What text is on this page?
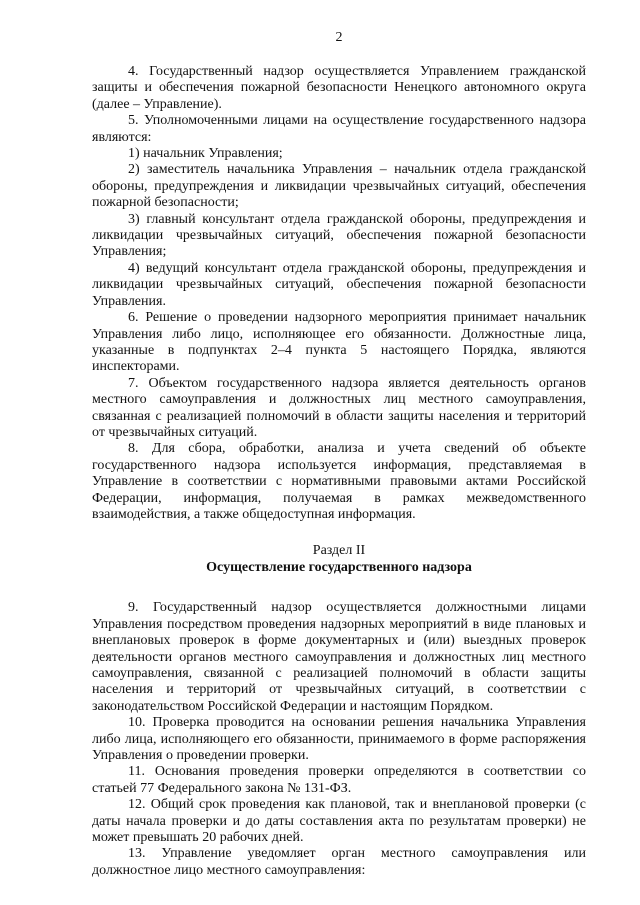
2

4. Государственный надзор осуществляется Управлением гражданской защиты и обеспечения пожарной безопасности Ненецкого автономного округа (далее – Управление).

5. Уполномоченными лицами на осуществление государственного надзора являются:

1) начальник Управления;

2) заместитель начальника Управления – начальник отдела гражданской обороны, предупреждения и ликвидации чрезвычайных ситуаций, обеспечения пожарной безопасности;

3) главный консультант отдела гражданской обороны, предупреждения и ликвидации чрезвычайных ситуаций, обеспечения пожарной безопасности Управления;

4) ведущий консультант отдела гражданской обороны, предупреждения и ликвидации чрезвычайных ситуаций, обеспечения пожарной безопасности Управления.

6. Решение о проведении надзорного мероприятия принимает начальник Управления либо лицо, исполняющее его обязанности. Должностные лица, указанные в подпунктах 2–4 пункта 5 настоящего Порядка, являются инспекторами.

7. Объектом государственного надзора является деятельность органов местного самоуправления и должностных лиц местного самоуправления, связанная с реализацией полномочий в области защиты населения и территорий от чрезвычайных ситуаций.

8. Для сбора, обработки, анализа и учета сведений об объекте государственного надзора используется информация, представляемая в Управление в соответствии с нормативными правовыми актами Российской Федерации, информация, получаемая в рамках межведомственного взаимодействия, а также общедоступная информация.

Раздел II
Осуществление государственного надзора

9. Государственный надзор осуществляется должностными лицами Управления посредством проведения надзорных мероприятий в виде плановых и внеплановых проверок в форме документарных и (или) выездных проверок деятельности органов местного самоуправления и должностных лиц местного самоуправления, связанной с реализацией полномочий в области защиты населения и территорий от чрезвычайных ситуаций, в соответствии с законодательством Российской Федерации и настоящим Порядком.

10. Проверка проводится на основании решения начальника Управления либо лица, исполняющего его обязанности, принимаемого в форме распоряжения Управления о проведении проверки.

11. Основания проведения проверки определяются в соответствии со статьей 77 Федерального закона № 131-ФЗ.

12. Общий срок проведения как плановой, так и внеплановой проверки (с даты начала проверки и до даты составления акта по результатам проверки) не может превышать 20 рабочих дней.

13. Управление уведомляет орган местного самоуправления или должностное лицо местного самоуправления:
